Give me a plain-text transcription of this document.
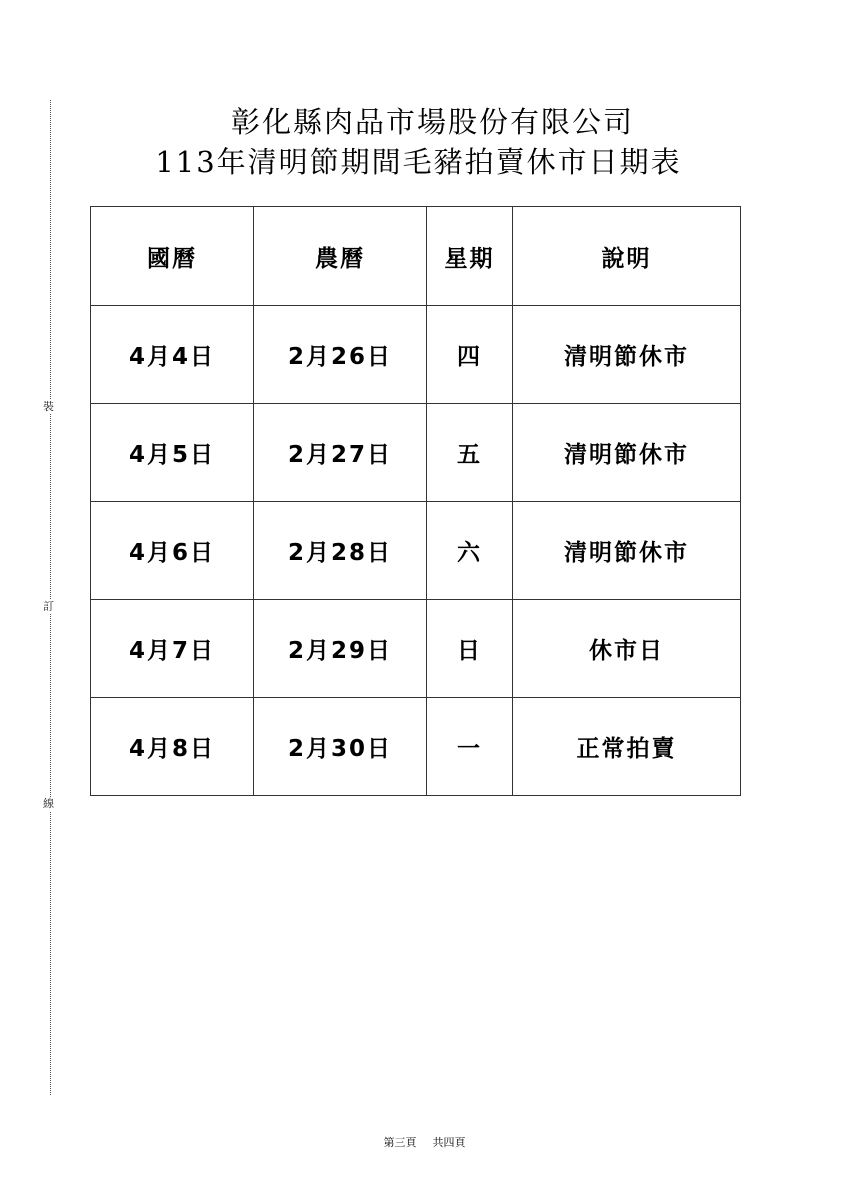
裝
訂
線
彰化縣肉品市場股份有限公司
113年清明節期間毛豬拍賣休市日期表
國曆	農曆	星期	說明
4月4日	2月26日	四	清明節休市
4月5日	2月27日	五	清明節休市
4月6日	2月28日	六	清明節休市
4月7日	2月29日	日	休市日
4月8日	2月30日	一	正常拍賣
第三頁 共四頁
